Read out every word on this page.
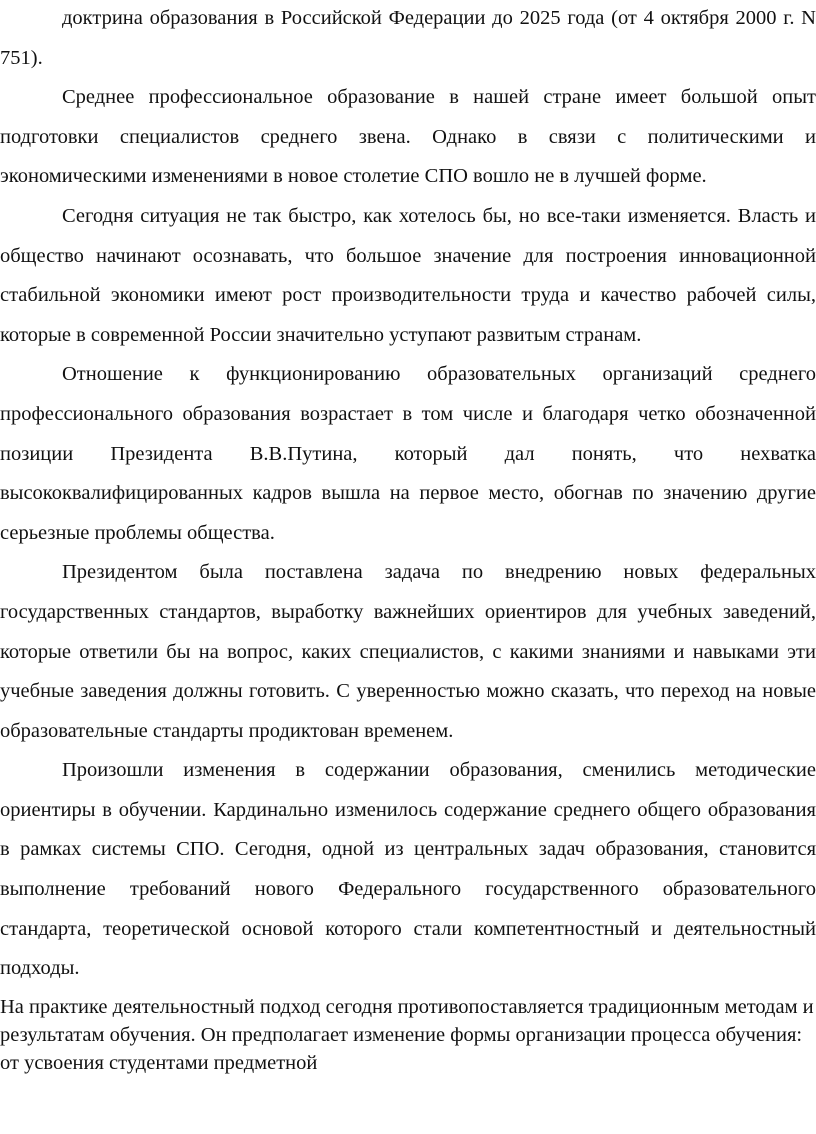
доктрина образования в Российской Федерации до 2025 года (от 4 октября 2000 г. N 751).

Среднее профессиональное образование в нашей стране имеет большой опыт подготовки специалистов среднего звена. Однако в связи с политическими и экономическими изменениями в новое столетие СПО вошло не в лучшей форме.

Сегодня ситуация не так быстро, как хотелось бы, но все-таки изменяется. Власть и общество начинают осознавать, что большое значение для построения инновационной стабильной экономики имеют рост производительности труда и качество рабочей силы, которые в современной России значительно уступают развитым странам.

Отношение к функционированию образовательных организаций среднего профессионального образования возрастает в том числе и благодаря четко обозначенной позиции Президента В.В.Путина, который дал понять, что нехватка высококвалифицированных кадров вышла на первое место, обогнав по значению другие серьезные проблемы общества.

Президентом была поставлена задача по внедрению новых федеральных государственных стандартов, выработку важнейших ориентиров для учебных заведений, которые ответили бы на вопрос, каких специалистов, с какими знаниями и навыками эти учебные заведения должны готовить. С уверенностью можно сказать, что переход на новые образовательные стандарты продиктован временем.

Произошли изменения в содержании образования, сменились методические ориентиры в обучении. Кардинально изменилось содержание среднего общего образования в рамках системы СПО. Сегодня, одной из центральных задач образования, становится выполнение требований нового Федерального государственного образовательного стандарта, теоретической основой которого стали компетентностный и деятельностный подходы.

На практике деятельностный подход сегодня противопоставляется традиционным методам и результатам обучения. Он предполагает изменение формы организации процесса обучения: от усвоения студентами предметной
